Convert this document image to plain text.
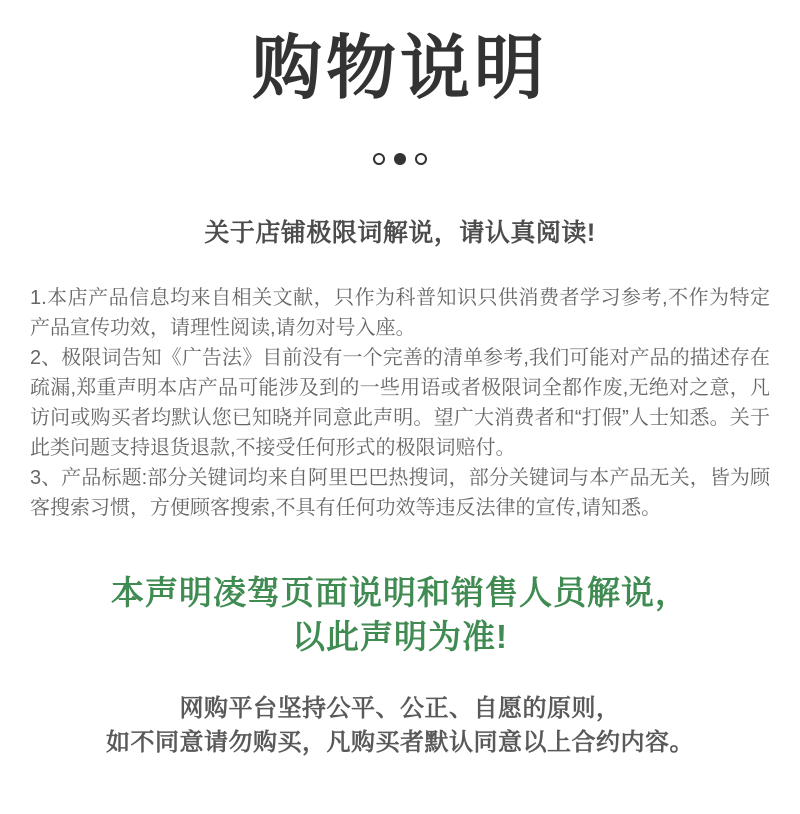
购物说明
关于店铺极限词解说，请认真阅读!

1.本店产品信息均来自相关文献，只作为科普知识只供消费者学习参考,不作为特定产品宣传功效，请理性阅读,请勿对号入座。

2、极限词告知《广告法》目前没有一个完善的清单参考,我们可能对产品的描述存在疏漏,郑重声明本店产品可能涉及到的一些用语或者极限词全都作废,无绝对之意，凡访问或购买者均默认您已知晓并同意此声明。望广大消费者和“打假”人士知悉。关于此类问题支持退货退款,不接受任何形式的极限词赔付。

3、产品标题:部分关键词均来自阿里巴巴热搜词，部分关键词与本产品无关，皆为顾客搜索习惯，方便顾客搜索,不具有任何功效等违反法律的宣传,请知悉。

本声明凌驾页面说明和销售人员解说，
以此声明为准!
网购平台坚持公平、公正、自愿的原则，
如不同意请勿购买，凡购买者默认同意以上合约内容。
